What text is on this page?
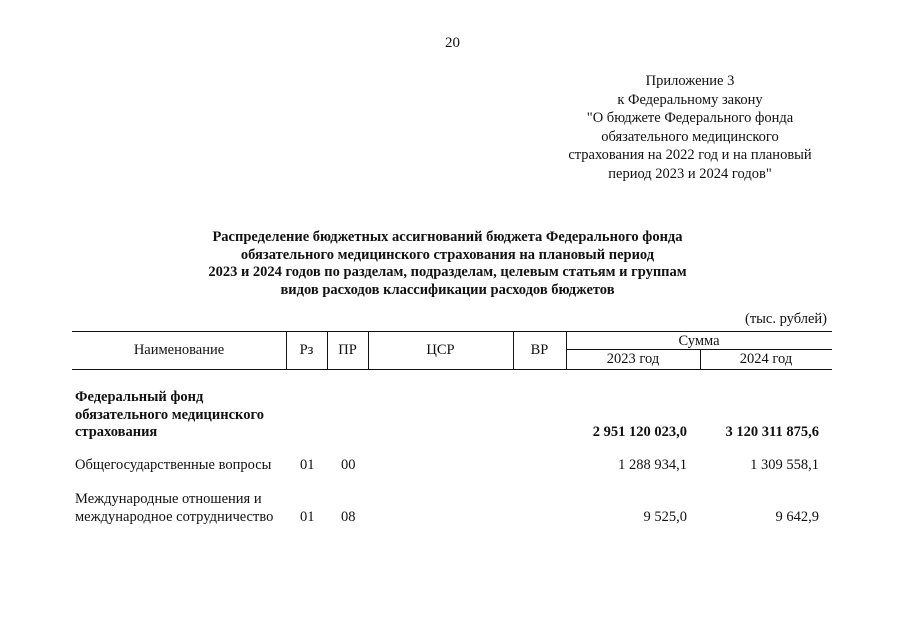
20
Приложение 3
к Федеральному закону
"О бюджете Федерального фонда
обязательного медицинского
страхования на 2022 год и на плановый
период 2023 и 2024 годов"
Распределение бюджетных ассигнований бюджета Федерального фонда
обязательного медицинского страхования на плановый период
2023 и 2024 годов по разделам, подразделам, целевым статьям и группам
видов расходов классификации расходов бюджетов
(тыс. рублей)
Наименование	Рз	ПР	ЦСР	ВР
Сумма
2023 год	2024 год
Федеральный фонд
обязательного медицинского
страхования	2 951 120 023,0	3 120 311 875,6
Общегосударственные вопросы 01 00	1 288 934,1	1 309 558,1
Международные отношения и
международное сотрудничество 01 08	9 525,0	9 642,9
